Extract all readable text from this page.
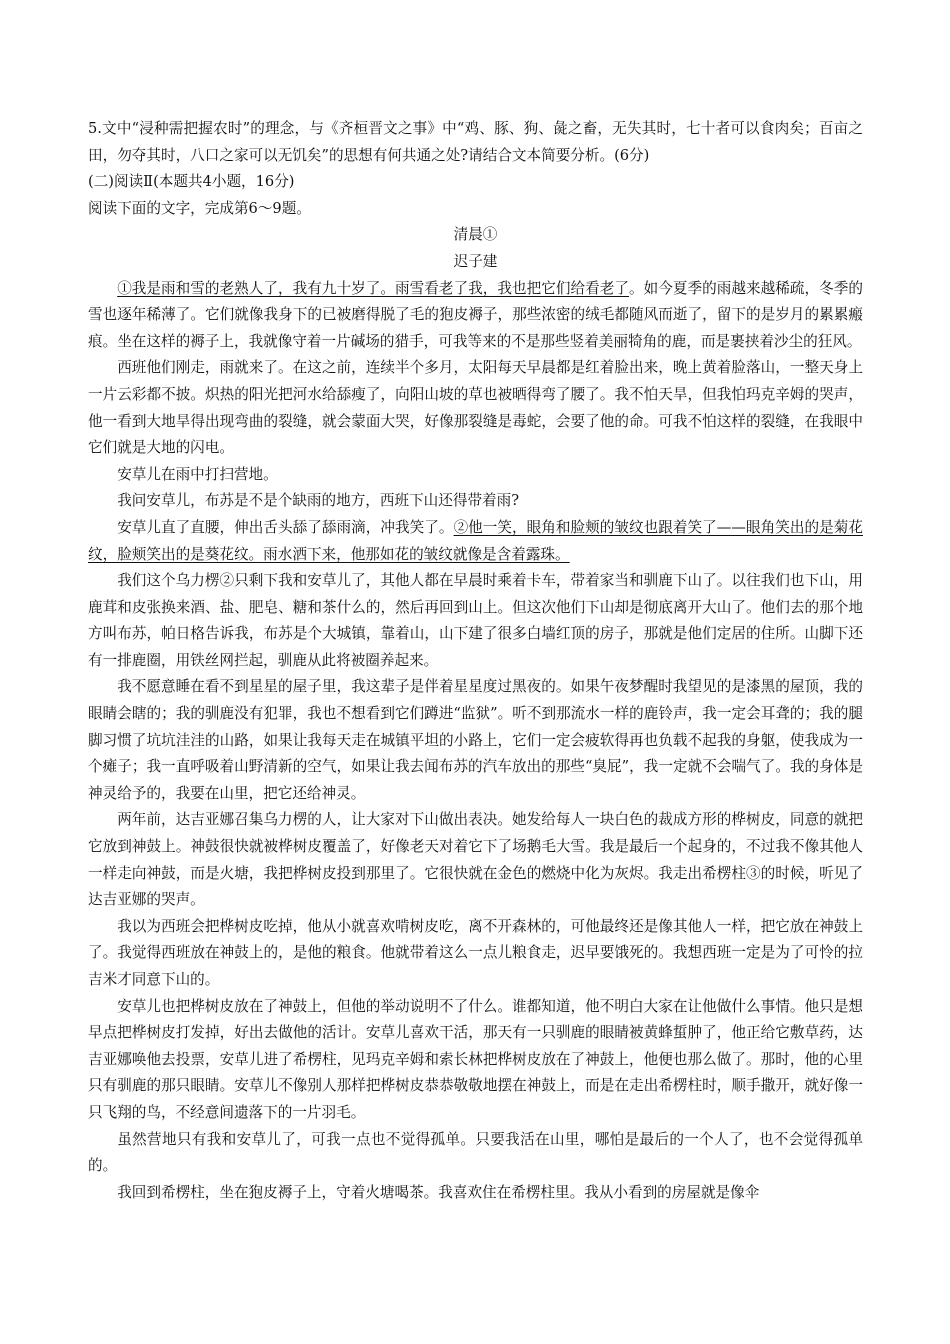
5.文中“浸种需把握农时”的理念，与《齐桓晋文之事》中“鸡、豚、狗、彘之畜，无失其时，七十者可以食肉矣；百亩之田，勿夺其时，八口之家可以无饥矣”的思想有何共通之处?请结合文本简要分析。(6分)

(二)阅读Ⅱ(本题共4小题，16分)

阅读下面的文字，完成第6～9题。

清晨①

迟子建

①我是雨和雪的老熟人了，我有九十岁了。雨雪看老了我，我也把它们给看老了。如今夏季的雨越来越稀疏，冬季的雪也逐年稀薄了。它们就像我身下的已被磨得脱了毛的狍皮褥子，那些浓密的绒毛都随风而逝了，留下的是岁月的累累瘢痕。坐在这样的褥子上，我就像守着一片碱场的猎手，可我等来的不是那些竖着美丽犄角的鹿，而是裹挟着沙尘的狂风。

西班他们刚走，雨就来了。在这之前，连续半个多月，太阳每天早晨都是红着脸出来，晚上黄着脸落山，一整天身上一片云彩都不披。炽热的阳光把河水给舔瘦了，向阳山坡的草也被晒得弯了腰了。我不怕天旱，但我怕玛克辛姆的哭声，他一看到大地旱得出现弯曲的裂缝，就会蒙面大哭，好像那裂缝是毒蛇，会要了他的命。可我不怕这样的裂缝，在我眼中它们就是大地的闪电。

安草儿在雨中打扫营地。

我问安草儿，布苏是不是个缺雨的地方，西班下山还得带着雨?

安草儿直了直腰，伸出舌头舔了舔雨滴，冲我笑了。②他一笑，眼角和脸颊的皱纹也跟着笑了——眼角笑出的是菊花纹，脸颊笑出的是葵花纹。雨水洒下来，他那如花的皱纹就像是含着露珠。

我们这个乌力楞②只剩下我和安草儿了，其他人都在早晨时乘着卡车，带着家当和驯鹿下山了。以往我们也下山，用鹿茸和皮张换来酒、盐、肥皂、糖和茶什么的，然后再回到山上。但这次他们下山却是彻底离开大山了。他们去的那个地方叫布苏，帕日格告诉我，布苏是个大城镇，靠着山，山下建了很多白墙红顶的房子，那就是他们定居的住所。山脚下还有一排鹿圈，用铁丝网拦起，驯鹿从此将被圈养起来。

我不愿意睡在看不到星星的屋子里，我这辈子是伴着星星度过黑夜的。如果午夜梦醒时我望见的是漆黑的屋顶，我的眼睛会瞎的；我的驯鹿没有犯罪，我也不想看到它们蹲进“监狱”。听不到那流水一样的鹿铃声，我一定会耳聋的；我的腿脚习惯了坑坑洼洼的山路，如果让我每天走在城镇平坦的小路上，它们一定会疲软得再也负载不起我的身躯，使我成为一个瘫子；我一直呼吸着山野清新的空气，如果让我去闻布苏的汽车放出的那些“臭屁”，我一定就不会喘气了。我的身体是神灵给予的，我要在山里，把它还给神灵。

两年前，达吉亚娜召集乌力楞的人，让大家对下山做出表决。她发给每人一块白色的裁成方形的桦树皮，同意的就把它放到神鼓上。神鼓很快就被桦树皮覆盖了，好像老天对着它下了场鹅毛大雪。我是最后一个起身的，不过我不像其他人一样走向神鼓，而是火塘，我把桦树皮投到那里了。它很快就在金色的燃烧中化为灰烬。我走出希楞柱③的时候，听见了达吉亚娜的哭声。

我以为西班会把桦树皮吃掉，他从小就喜欢啃树皮吃，离不开森林的，可他最终还是像其他人一样，把它放在神鼓上了。我觉得西班放在神鼓上的，是他的粮食。他就带着这么一点儿粮食走，迟早要饿死的。我想西班一定是为了可怜的拉吉米才同意下山的。

安草儿也把桦树皮放在了神鼓上，但他的举动说明不了什么。谁都知道，他不明白大家在让他做什么事情。他只是想早点把桦树皮打发掉，好出去做他的活计。安草儿喜欢干活，那天有一只驯鹿的眼睛被黄蜂蜇肿了，他正给它敷草药，达吉亚娜唤他去投票，安草儿进了希楞柱，见玛克辛姆和索长林把桦树皮放在了神鼓上，他便也那么做了。那时，他的心里只有驯鹿的那只眼睛。安草儿不像别人那样把桦树皮恭恭敬敬地摆在神鼓上，而是在走出希楞柱时，顺手撒开，就好像一只飞翔的鸟，不经意间遗落下的一片羽毛。

虽然营地只有我和安草儿了，可我一点也不觉得孤单。只要我活在山里，哪怕是最后的一个人了，也不会觉得孤单的。

我回到希楞柱，坐在狍皮褥子上，守着火塘喝茶。我喜欢住在希楞柱里。我从小看到的房屋就是像伞
